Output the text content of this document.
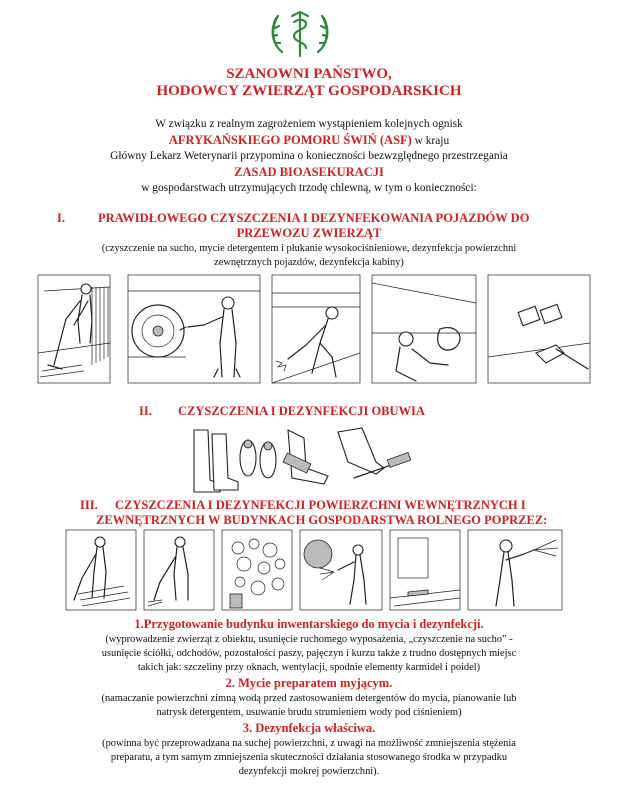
SZANOWNI PAŃSTWO,
HODOWCY ZWIERZĄT GOSPODARSKICH
W związku z realnym zagrożeniem wystąpieniem kolejnych ognisk
AFRYKAŃSKIEGO POMORU ŚWIŃ (ASF) w kraju
Główny Lekarz Weterynarii przypomina o konieczności bezwzględnego przestrzegania
ZASAD BIOASEKURACJI
w gospodarstwach utrzymujących trzodę chlewną, w tym o konieczności:
I.	PRAWIDŁOWEGO CZYSZCZENIA I DEZYNFEKOWANIA POJAZDÓW DO
PRZEWOZU ZWIERZĄT
(czyszczenie na sucho, mycie detergentem i płukanie wysokociśnieniowe, dezynfekcja powierzchni
zewnętrznych pojazdów, dezynfekcja kabiny)
II. CZYSZCZENIA I DEZYNFEKCJI OBUWIA
III. CZYSZCZENIA I DEZYNFEKCJI POWIERZCHNI WEWNĘTRZNYCH I
ZEWNĘTRZNYCH W BUDYNKACH GOSPODARSTWA ROLNEGO POPRZEZ:
1.Przygotowanie budynku inwentarskiego do mycia i dezynfekcji.
(wyprowadzenie zwierząt z obiektu, usunięcie ruchomego wyposażenia, „czyszczenie na sucho” -
usunięcie ściółki, odchodów, pozostałości paszy, pajęczyn i kurzu także z trudno dostępnych miejsc
takich jak: szczeliny przy oknach, wentylacji, spodnie elementy karmideł i poidel)
2. Mycie preparatem myjącym.
(namaczanie powierzchni zimną wodą przed zastosowaniem detergentów do mycia, pianowanie lub
natrysk detergentem, usuwanie brudu strumieniem wody pod ciśnieniem)
3. Dezynfekcja właściwa.
(powinna być przeprowadzana na suchej powierzchni, z uwagi na możliwość zmniejszenia stężenia
preparatu, a tym samym zmniejszenia skuteczności działania stosowanego środka w przypadku
dezynfekcji mokrej powierzchni).
